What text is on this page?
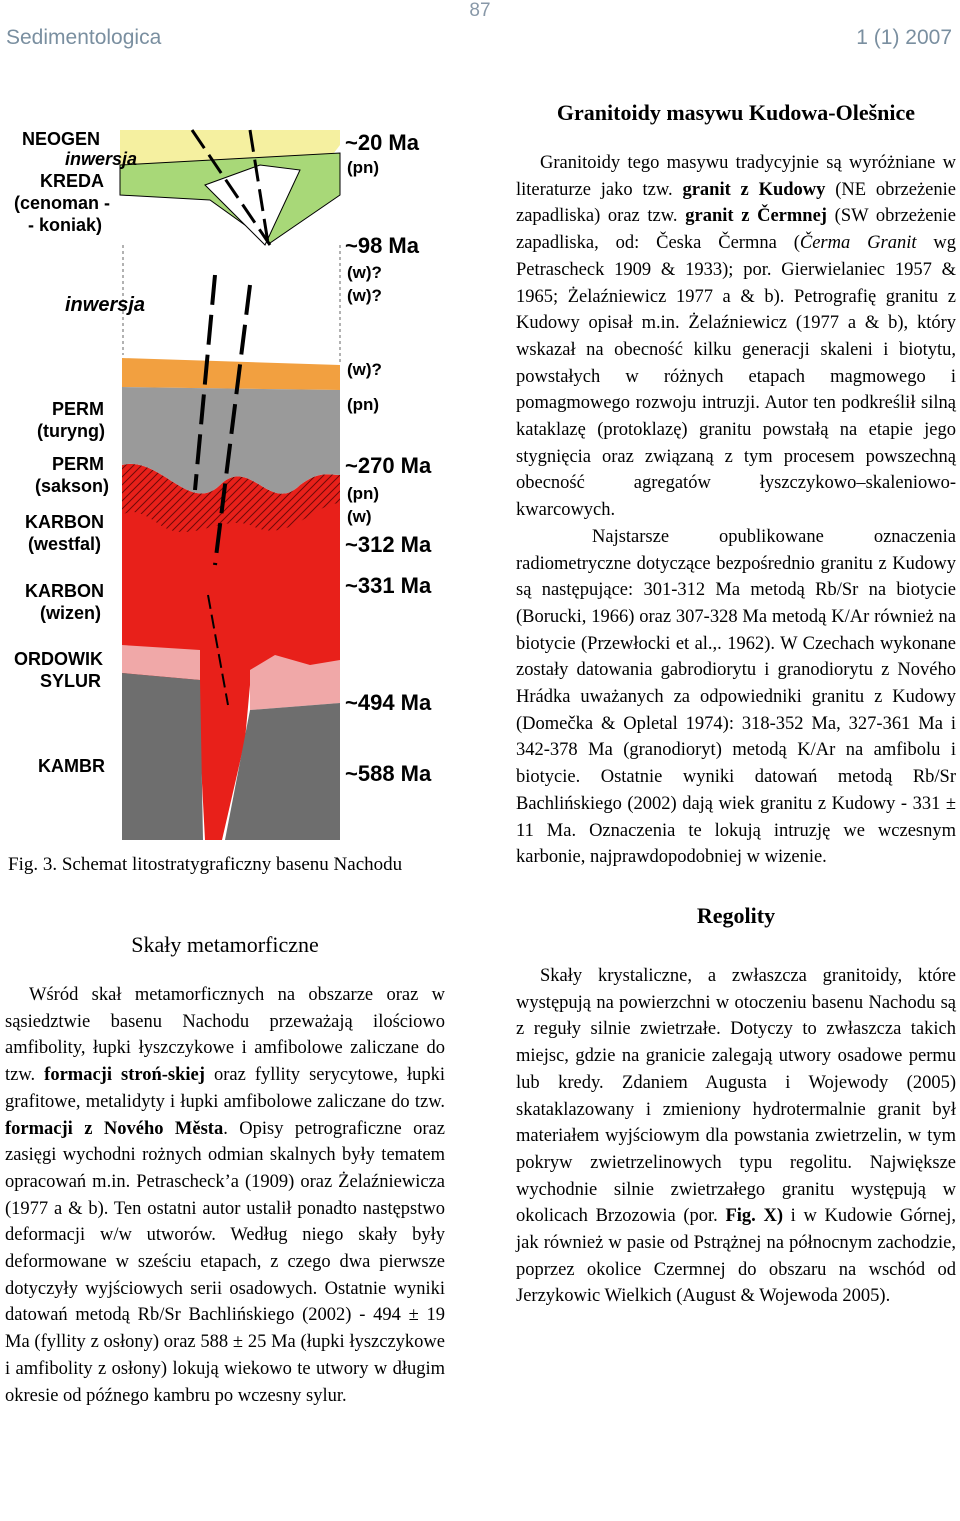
87
Sedimentologica	1 (1) 2007
NEOGEN
inwersja
KREDA
(cenoman -
- koniak)
inwersja
PERM
(turyng)
PERM
(sakson)
KARBON
(westfal)
KARBON
(wizen)
ORDOWIK
SYLUR
KAMBR
~20 Ma
(pn)
~98 Ma
(w)?
(w)?
(w)?
(pn)
~270 Ma
(pn)
(w)
~312 Ma
~331 Ma
~494 Ma
~588 Ma
Fig. 3. Schemat litostratygraficzny basenu Nachodu

Skały metamorficzne

Wśród skał metamorficznych na obszarze oraz w sąsiedztwie basenu Nachodu przeważają ilościowo amfibolity, łupki łyszczykowe i amfibolowe zaliczane do tzw. formacji stroń-skiej oraz fyllity serycytowe, łupki grafitowe, metalidyty i łupki amfibolowe zaliczane do tzw. formacji z Nového Města. Opisy petrograficzne oraz zasięgi wychodni rożnych odmian skalnych były tematem opracowań m.in. Petrascheck’a (1909) oraz Żelaźniewicza (1977 a & b). Ten ostatni autor ustalił ponadto następstwo deformacji w/w utworów. Według niego skały były deformowane w sześciu etapach, z czego dwa pierwsze dotyczyły wyjściowych serii osadowych. Ostatnie wyniki datowań metodą Rb/Sr Bachlińskiego (2002) - 494 ± 19 Ma (fyllity z osłony) oraz 588 ± 25 Ma (łupki łyszczykowe i amfibolity z osłony) lokują wiekowo te utwory w długim okresie od późnego kambru po wczesny sylur.

Granitoidy masywu Kudowa-Olešnice

Granitoidy tego masywu tradycyjnie są wyróżniane w literaturze jako tzw. granit z Kudowy (NE obrzeżenie zapadliska) oraz tzw. granit z Čermnej (SW obrzeżenie zapadliska, od: Česka Čermna (Čerma Granit wg Petrascheck 1909 & 1933); por. Gierwielaniec 1957 & 1965; Żelaźniewicz 1977 a & b). Petrografię granitu z Kudowy opisał m.in. Żelaźniewicz (1977 a & b), który wskazał na obecność kilku generacji skaleni i biotytu, powstałych w różnych etapach magmowego i pomagmowego rozwoju intruzji. Autor ten podkreślił silną kataklazę (protoklazę) granitu powstałą na etapie jego stygnięcia oraz związaną z tym procesem powszechną obecność agregatów łyszczykowo–skaleniowo-kwarcowych.

Najstarsze opublikowane oznaczenia radiometryczne dotyczące bezpośrednio granitu z Kudowy są następujące: 301-312 Ma metodą Rb/Sr na biotycie (Borucki, 1966) oraz 307-328 Ma metodą K/Ar również na biotycie (Przewłocki et al.,. 1962). W Czechach wykonane zostały datowania gabrodiorytu i granodiorytu z Nového Hrádka uważanych za odpowiedniki granitu z Kudowy (Domečka & Opletal 1974): 318-352 Ma, 327-361 Ma i 342-378 Ma (granodioryt) metodą K/Ar na amfibolu i biotycie. Ostatnie wyniki datowań metodą Rb/Sr Bachlińskiego (2002) dają wiek granitu z Kudowy - 331 ± 11 Ma. Oznaczenia te lokują intruzję we wczesnym karbonie, najprawdopodobniej w wizenie.

Regolity

Skały krystaliczne, a zwłaszcza granitoidy, które występują na powierzchni w otoczeniu basenu Nachodu są z reguły silnie zwietrzałe. Dotyczy to zwłaszcza takich miejsc, gdzie na granicie zalegają utwory osadowe permu lub kredy. Zdaniem Augusta i Wojewody (2005) skataklazowany i zmieniony hydrotermalnie granit był materiałem wyjściowym dla powstania zwietrzelin, w tym pokryw zwietrzelinowych typu regolitu. Największe wychodnie silnie zwietrzałego granitu występują w okolicach Brzozowia (por. Fig. X) i w Kudowie Górnej, jak również w pasie od Pstrążnej na północnym zachodzie, poprzez okolice Czermnej do obszaru na wschód od Jerzykowic Wielkich (August & Wojewoda 2005).
